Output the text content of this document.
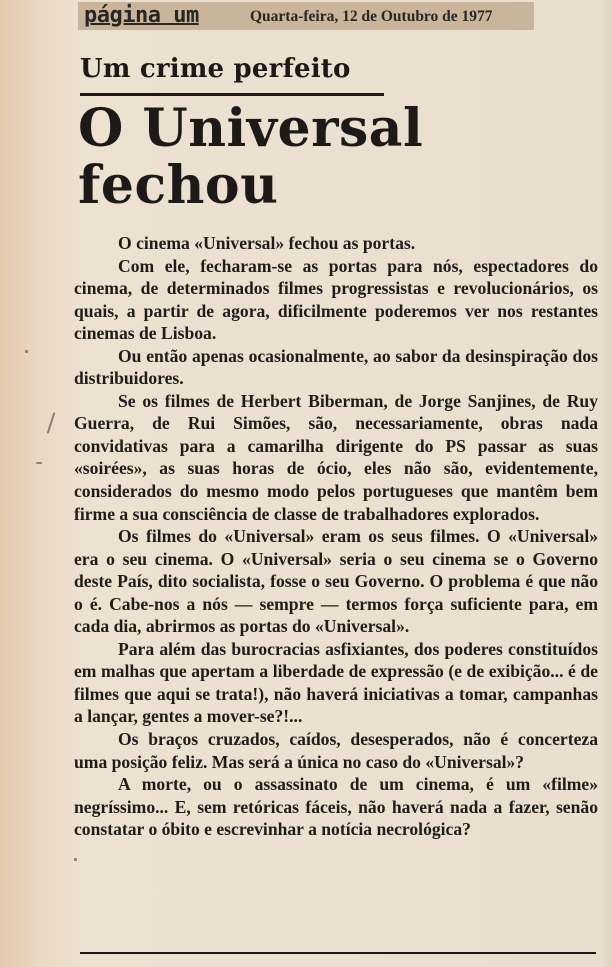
página um	Quarta-feira, 12 de Outubro de 1977
Um crime perfeito
O Universal fechou

O cinema «Universal» fechou as portas.

Com ele, fecharam-se as portas para nós, espectadores do cinema, de determinados filmes progressistas e revolucionários, os quais, a partir de agora, dificilmente poderemos ver nos restantes cinemas de Lisboa.

Ou então apenas ocasionalmente, ao sabor da desinspiração dos distribuidores.

Se os filmes de Herbert Biberman, de Jorge Sanjines, de Ruy Guerra, de Rui Simões, são, necessariamente, obras nada convidativas para a camarilha dirigente do PS passar as suas «soirées», as suas horas de ócio, eles não são, evidentemente, considerados do mesmo modo pelos portugueses que mantêm bem firme a sua consciência de classe de trabalhadores explorados.

Os filmes do «Universal» eram os seus filmes. O «Universal» era o seu cinema. O «Universal» seria o seu cinema se o Governo deste País, dito socialista, fosse o seu Governo. O problema é que não o é. Cabe-nos a nós — sempre — termos força suficiente para, em cada dia, abrirmos as portas do «Universal».

Para além das burocracias asfixiantes, dos poderes constituídos em malhas que apertam a liberdade de expressão (e de exibição... é de filmes que aqui se trata!), não haverá iniciativas a tomar, campanhas a lançar, gentes a mover-se?!...

Os braços cruzados, caídos, desesperados, não é concerteza uma posição feliz. Mas será a única no caso do «Universal»?

A morte, ou o assassinato de um cinema, é um «filme» negríssimo... E, sem retóricas fáceis, não haverá nada a fazer, senão constatar o óbito e escrevinhar a notícia necrológica?
